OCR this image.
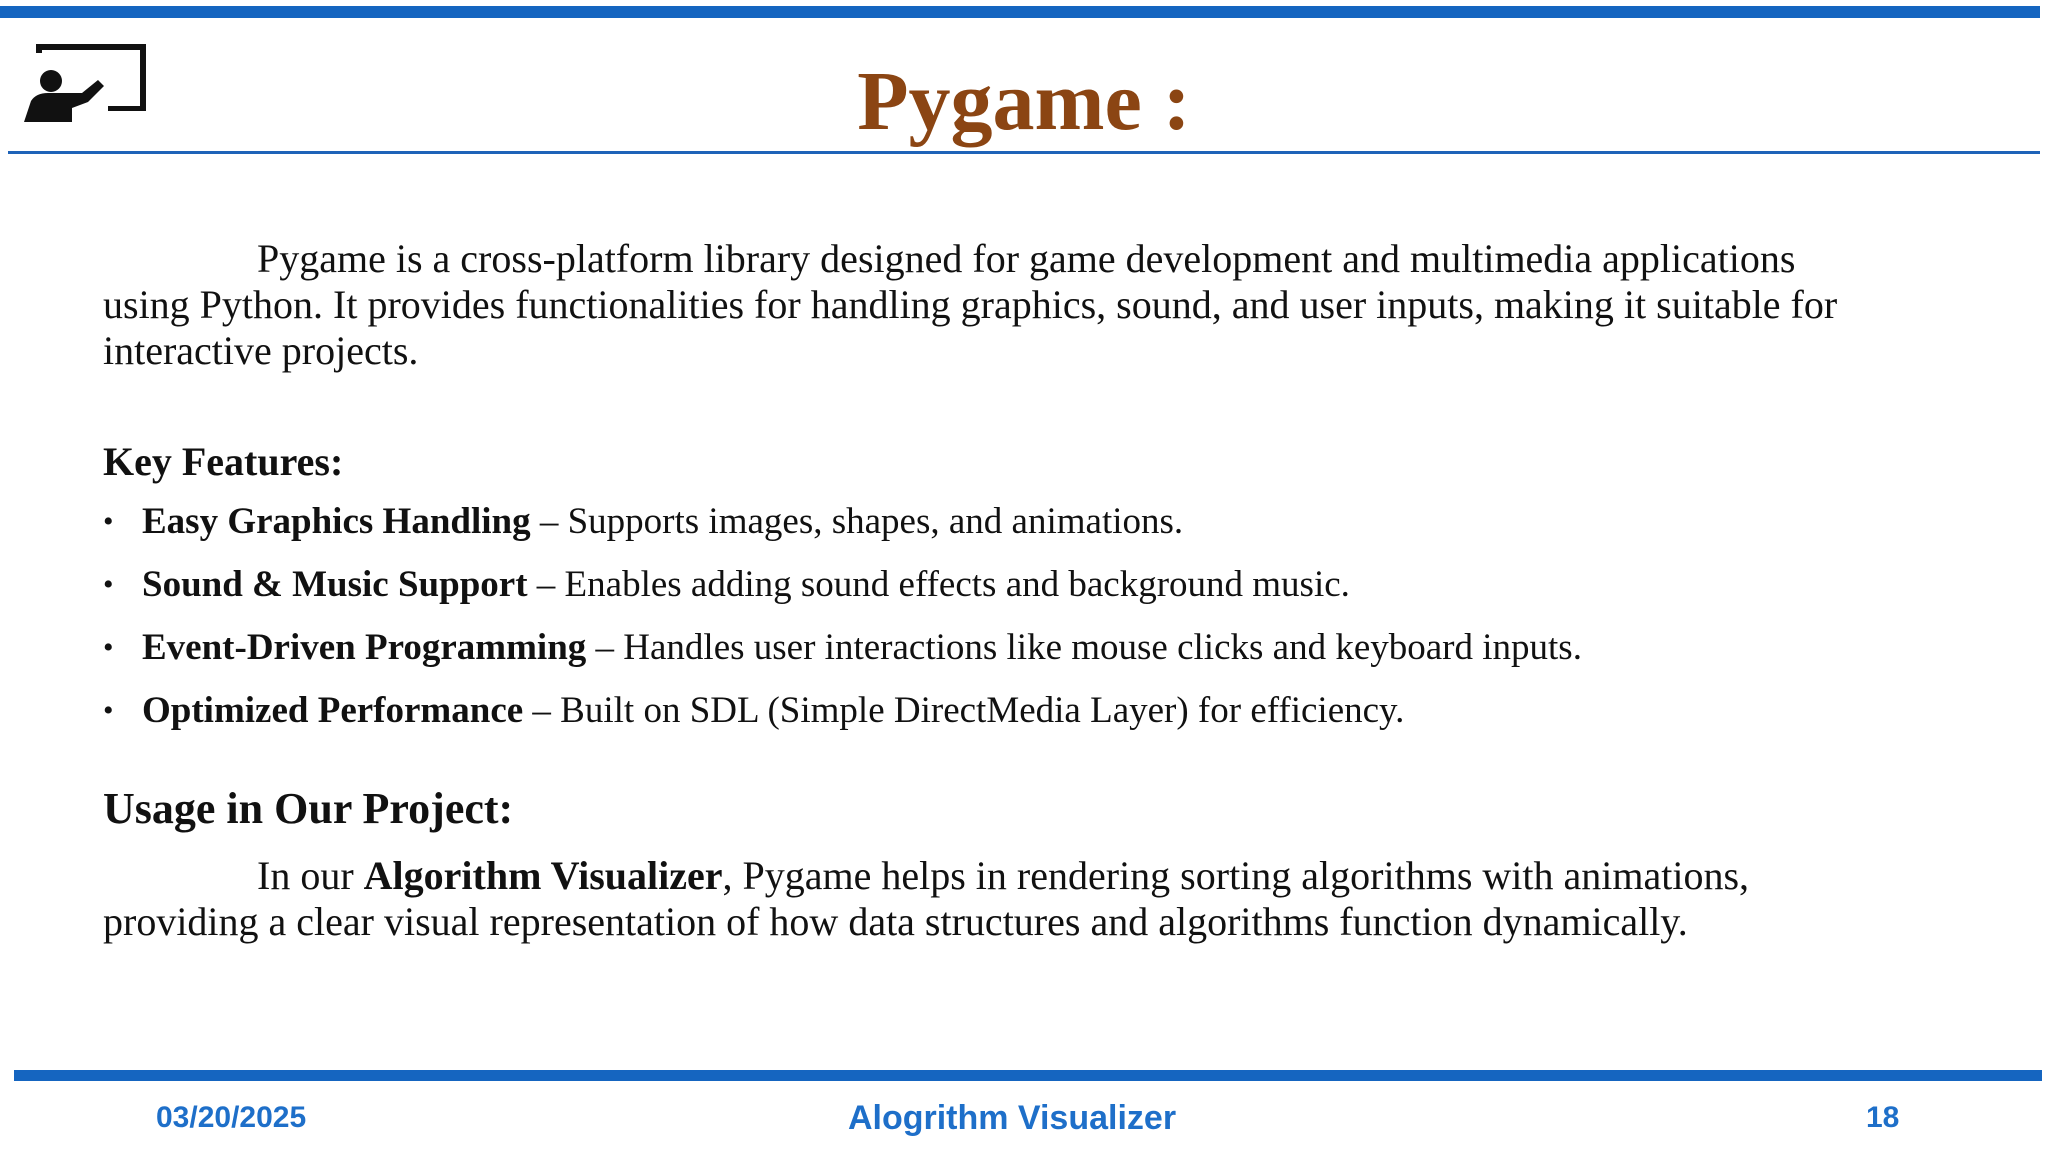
Pygame :

Pygame is a cross-platform library designed for game development and multimedia applications using Python. It provides functionalities for handling graphics, sound, and user inputs, making it suitable for interactive projects.

Key Features:
• Easy Graphics Handling – Supports images, shapes, and animations.
• Sound & Music Support – Enables adding sound effects and background music.
• Event-Driven Programming – Handles user interactions like mouse clicks and keyboard inputs.
• Optimized Performance – Built on SDL (Simple DirectMedia Layer) for efficiency.
Usage in Our Project:

In our Algorithm Visualizer, Pygame helps in rendering sorting algorithms with animations, providing a clear visual representation of how data structures and algorithms function dynamically.

03/20/2025	Alogrithm Visualizer	18
